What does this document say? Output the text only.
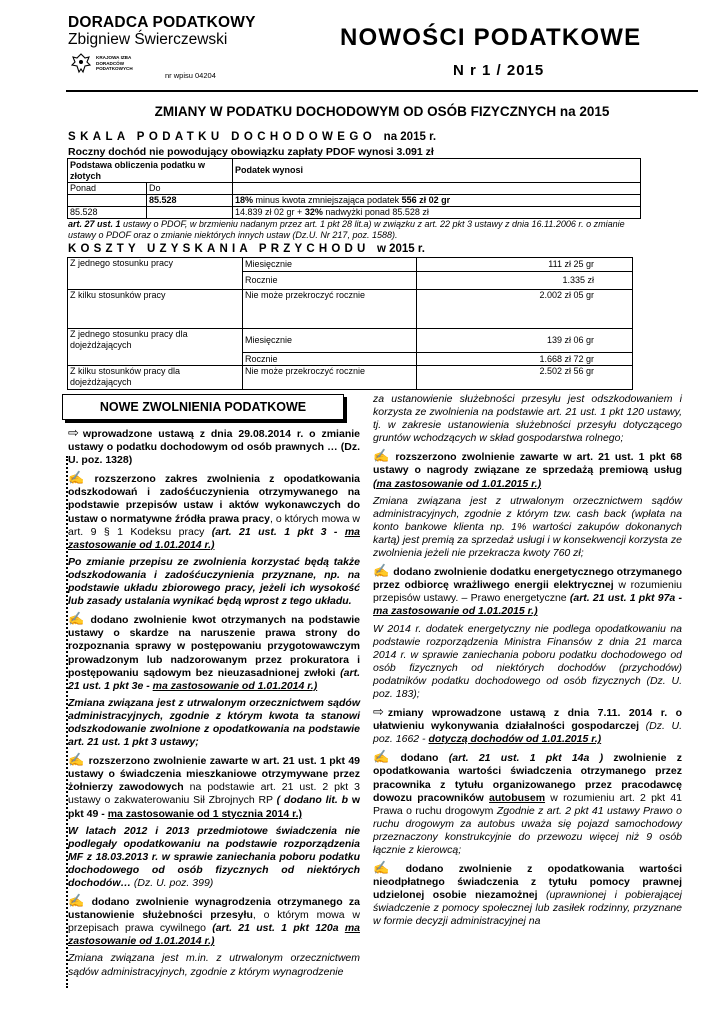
DORADCA PODATKOWY
Zbigniew Świerczewski
KRAJOWA IZBA
DORADCÓW
PODATKOWYCH
nr wpisu 04204
NOWOŚCI PODATKOWE
N r 1 / 2015
ZMIANY W PODATKU DOCHODOWYM OD OSÓB FIZYCZNYCH na 2015
SKALA PODATKU DOCHODOWEGO na 2015 r.
Roczny dochód nie powodujący obowiązku zapłaty PDOF wynosi 3.091 zł
Podstawa obliczenia podatku w złotych		Podatek wynosi
Ponad	Do	
	85.528	18% minus kwota zmniejszająca podatek 556 zł 02 gr
85.528		14.839 zł 02 gr + 32% nadwyżki ponad 85.528 zł
art. 27 ust. 1 ustawy o PDOF, w brzmieniu nadanym przez art. 1 pkt 28 lit.a) w związku z art. 22 pkt 3 ustawy z dnia 16.11.2006 r. o zmianie ustawy o PDOF oraz o zmianie niektórych innych ustaw (Dz.U. Nr 217, poz. 1588).
KOSZTY UZYSKANIA PRZYCHODU w 2015 r.
Z jednego stosunku pracy	Miesięcznie	111 zł 25 gr
	Rocznie	1.335 zł
Z kilku stosunków pracy	Nie może przekroczyć rocznie	2.002 zł 05 gr
Z jednego stosunku pracy dla dojeżdżających	Miesięcznie	139 zł 06 gr
	Rocznie	1.668 zł 72 gr
Z kilku stosunków pracy dla dojeżdżających	Nie może przekroczyć rocznie	2.502 zł 56 gr
NOWE ZWOLNIENIA PODATKOWE
⇨ wprowadzone ustawą z dnia 29.08.2014 r. o zmianie ustawy o podatku dochodowym od osób prawnych … (Dz. U. poz. 1328)
✍ rozszerzono zakres zwolnienia z opodatkowania odszkodowań i zadośćuczynienia otrzymywanego na podstawie przepisów ustaw i aktów wykonawczych do ustaw o normatywne źródła prawa pracy, o których mowa w art. 9 § 1 Kodeksu pracy (art. 21 ust. 1 pkt 3 - ma zastosowanie od 1.01.2014 r.)
Po zmianie przepisu ze zwolnienia korzystać będą także odszkodowania i zadośćuczynienia przyznane, np. na podstawie układu zbiorowego pracy, jeżeli ich wysokość lub zasady ustalania wynikać będą wprost z tego układu.
✍ dodano zwolnienie kwot otrzymanych na podstawie ustawy o skardze na naruszenie prawa strony do rozpoznania sprawy w postępowaniu przygotowawczym prowadzonym lub nadzorowanym przez prokuratora i postępowaniu sądowym bez nieuzasadnionej zwłoki (art. 21 ust. 1 pkt 3e - ma zastosowanie od 1.01.2014 r.)
Zmiana związana jest z utrwalonym orzecznictwem sądów administracyjnych, zgodnie z którym kwota ta stanowi odszkodowanie zwolnione z opodatkowania na podstawie art. 21 ust. 1 pkt 3 ustawy;
✍ rozszerzono zwolnienie zawarte w art. 21 ust. 1 pkt 49 ustawy o świadczenia mieszkaniowe otrzymywane przez żołnierzy zawodowych na podstawie art. 21 ust. 2 pkt 3 ustawy o zakwaterowaniu Sił Zbrojnych RP ( dodano lit. b w pkt 49 - ma zastosowanie od 1 stycznia 2014 r.)
W latach 2012 i 2013 przedmiotowe świadczenia nie podlegały opodatkowaniu na podstawie rozporządzenia MF z 18.03.2013 r. w sprawie zaniechania poboru podatku dochodowego od osób fizycznych od niektórych dochodów… (Dz. U. poz. 399)
✍ dodano zwolnienie wynagrodzenia otrzymanego za ustanowienie służebności przesyłu, o którym mowa w przepisach prawa cywilnego (art. 21 ust. 1 pkt 120a ma zastosowanie od 1.01.2014 r.)
Zmiana związana jest m.in. z utrwalonym orzecznictwem sądów administracyjnych, zgodnie z którym wynagrodzenie
za ustanowienie służebności przesyłu jest odszkodowaniem i korzysta ze zwolnienia na podstawie art. 21 ust. 1 pkt 120 ustawy, tj. w zakresie ustanowienia służebności przesyłu dotyczącego gruntów wchodzących w skład gospodarstwa rolnego;
✍ rozszerzono zwolnienie zawarte w art. 21 ust. 1 pkt 68 ustawy o nagrody związane ze sprzedażą premiową usług (ma zastosowanie od 1.01.2015 r.)
Zmiana związana jest z utrwalonym orzecznictwem sądów administracyjnych, zgodnie z którym tzw. cash back (wpłata na konto bankowe klienta np. 1% wartości zakupów dokonanych kartą) jest premią za sprzedaż usługi i w konsekwencji korzysta ze zwolnienia jeżeli nie przekracza kwoty 760 zł;
✍ dodano zwolnienie dodatku energetycznego otrzymanego przez odbiorcę wrażliwego energii elektrycznej w rozumieniu przepisów ustawy. – Prawo energetyczne (art. 21 ust. 1 pkt 97a - ma zastosowanie od 1.01.2015 r.)
W 2014 r. dodatek energetyczny nie podlega opodatkowaniu na podstawie rozporządzenia Ministra Finansów z dnia 21 marca 2014 r. w sprawie zaniechania poboru podatku dochodowego od osób fizycznych od niektórych dochodów (przychodów) podatników podatku dochodowego od osób fizycznych (Dz. U. poz. 183);
⇨ zmiany wprowadzone ustawą z dnia 7.11. 2014 r. o ułatwieniu wykonywania działalności gospodarczej (Dz. U. poz. 1662 - dotyczą dochodów od 1.01.2015 r.)
✍ dodano (art. 21 ust. 1 pkt 14a ) zwolnienie z opodatkowania wartości świadczenia otrzymanego przez pracownika z tytułu organizowanego przez pracodawcę dowozu pracowników autobusem w rozumieniu art. 2 pkt 41 Prawa o ruchu drogowym Zgodnie z art. 2 pkt 41 ustawy Prawo o ruchu drogowym za autobus uważa się pojazd samochodowy przeznaczony konstrukcyjnie do przewozu więcej niż 9 osób łącznie z kierowcą;
✍ dodano zwolnienie z opodatkowania wartości nieodpłatnego świadczenia z tytułu pomocy prawnej udzielonej osobie niezamożnej (uprawnionej i pobierającej świadczenie z pomocy społecznej lub zasiłek rodzinny, przyznane w formie decyzji administracyjnej na
